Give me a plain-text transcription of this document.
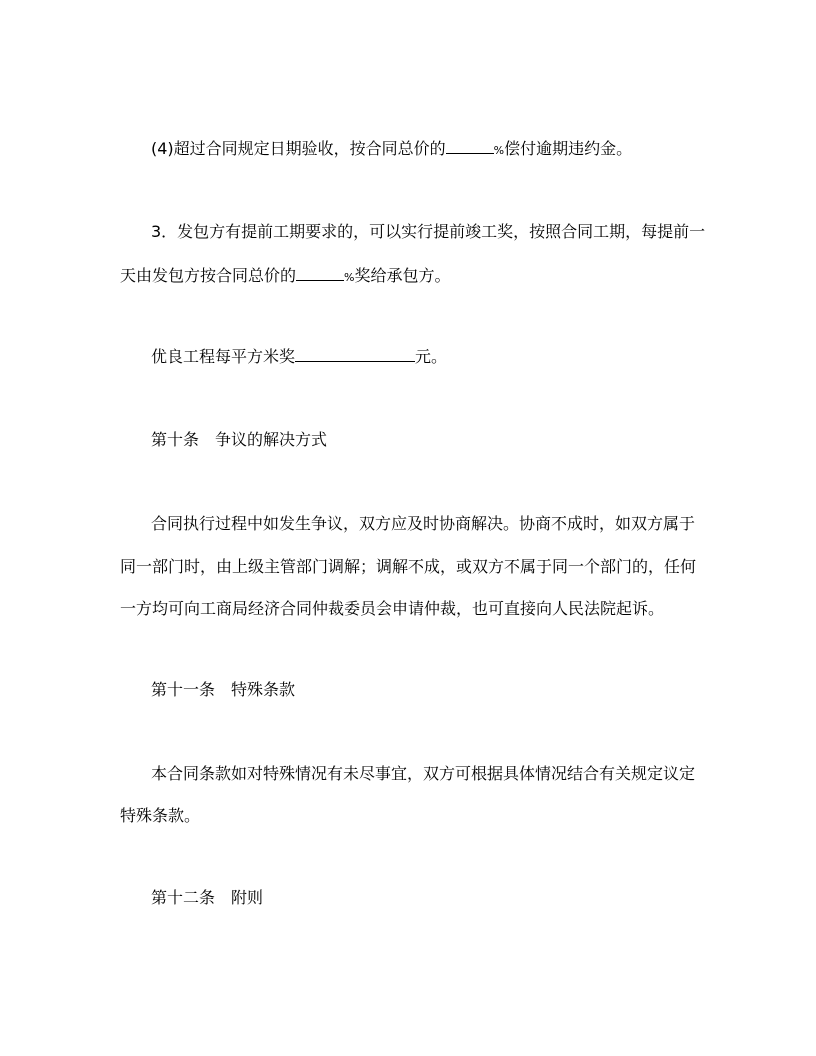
(4)超过合同规定日期验收，按合同总价的	%偿付逾期违约金。
3．发包方有提前工期要求的，可以实行提前竣工奖，按照合同工期，每提前一
天由发包方按合同总价的	%奖给承包方。
优良工程每平方米奖	元。
第十条　争议的解决方式
合同执行过程中如发生争议，双方应及时协商解决。协商不成时，如双方属于
同一部门时，由上级主管部门调解；调解不成，或双方不属于同一个部门的，任何
一方均可向工商局经济合同仲裁委员会申请仲裁，也可直接向人民法院起诉。
第十一条　特殊条款
本合同条款如对特殊情况有未尽事宜，双方可根据具体情况结合有关规定议定
特殊条款。
第十二条　附则
